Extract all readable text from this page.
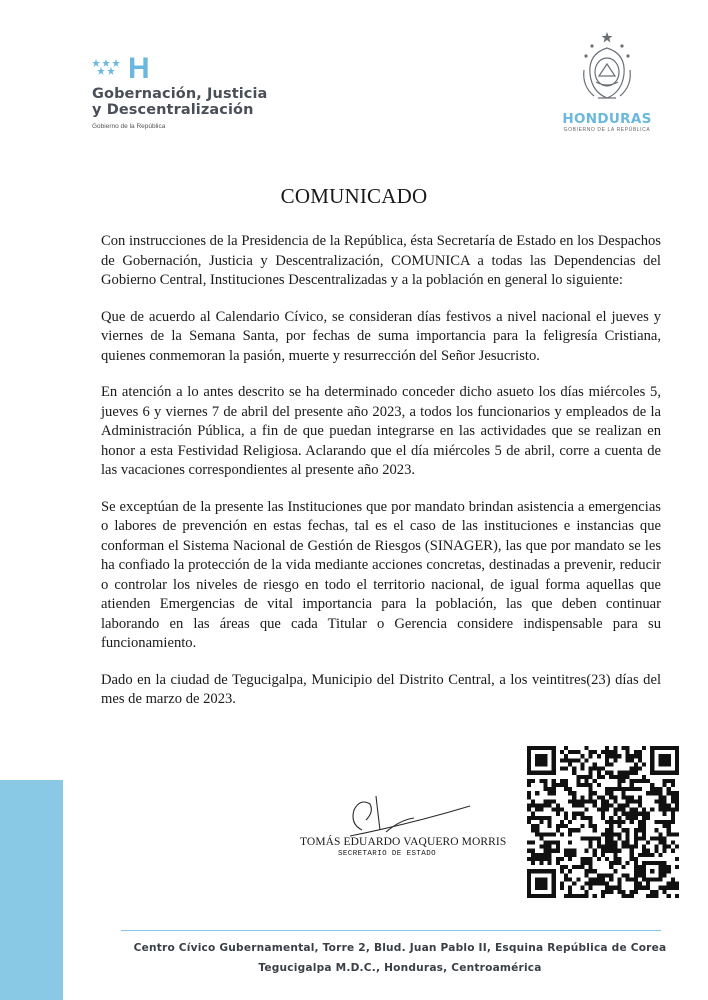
H
H
Gobernación, Justicia
y Descentralización
Gobierno de la República	HONDURAS
GOBIERNO DE LA REPÚBLICA
COMUNICADO

Con instrucciones de la Presidencia de la República, ésta Secretaría de Estado en los Despachos de Gobernación, Justicia y Descentralización, COMUNICA a todas las Dependencias del Gobierno Central, Instituciones Descentralizadas y a la población en general lo siguiente:

Que de acuerdo al Calendario Cívico, se consideran días festivos a nivel nacional el jueves y viernes de la Semana Santa, por fechas de suma importancia para la feligresía Cristiana, quienes conmemoran la pasión, muerte y resurrección del Señor Jesucristo.

En atención a lo antes descrito se ha determinado conceder dicho asueto los días miércoles 5, jueves 6 y viernes 7 de abril del presente año 2023, a todos los funcionarios y empleados de la Administración Pública, a fin de que puedan integrarse en las actividades que se realizan en honor a esta Festividad Religiosa. Aclarando que el día miércoles 5 de abril, corre a cuenta de las vacaciones correspondientes al presente año 2023.

Se exceptúan de la presente las Instituciones que por mandato brindan asistencia a emergencias o labores de prevención en estas fechas, tal es el caso de las instituciones e instancias que conforman el Sistema Nacional de Gestión de Riesgos (SINAGER), las que por mandato se les ha confiado la protección de la vida mediante acciones concretas, destinadas a prevenir, reducir o controlar los niveles de riesgo en todo el territorio nacional, de igual forma aquellas que atienden Emergencias de vital importancia para la población, las que deben continuar laborando en las áreas que cada Titular o Gerencia considere indispensable para su funcionamiento.

Dado en la ciudad de Tegucigalpa, Municipio del Distrito Central, a los veintitres(23) días del mes de marzo de 2023.

TOMÁS EDUARDO VAQUERO MORRIS
SECRETARIO DE ESTADO
Centro Cívico Gubernamental, Torre 2, Blud. Juan Pablo II, Esquina República de Corea
Tegucigalpa M.D.C., Honduras, Centroamérica
